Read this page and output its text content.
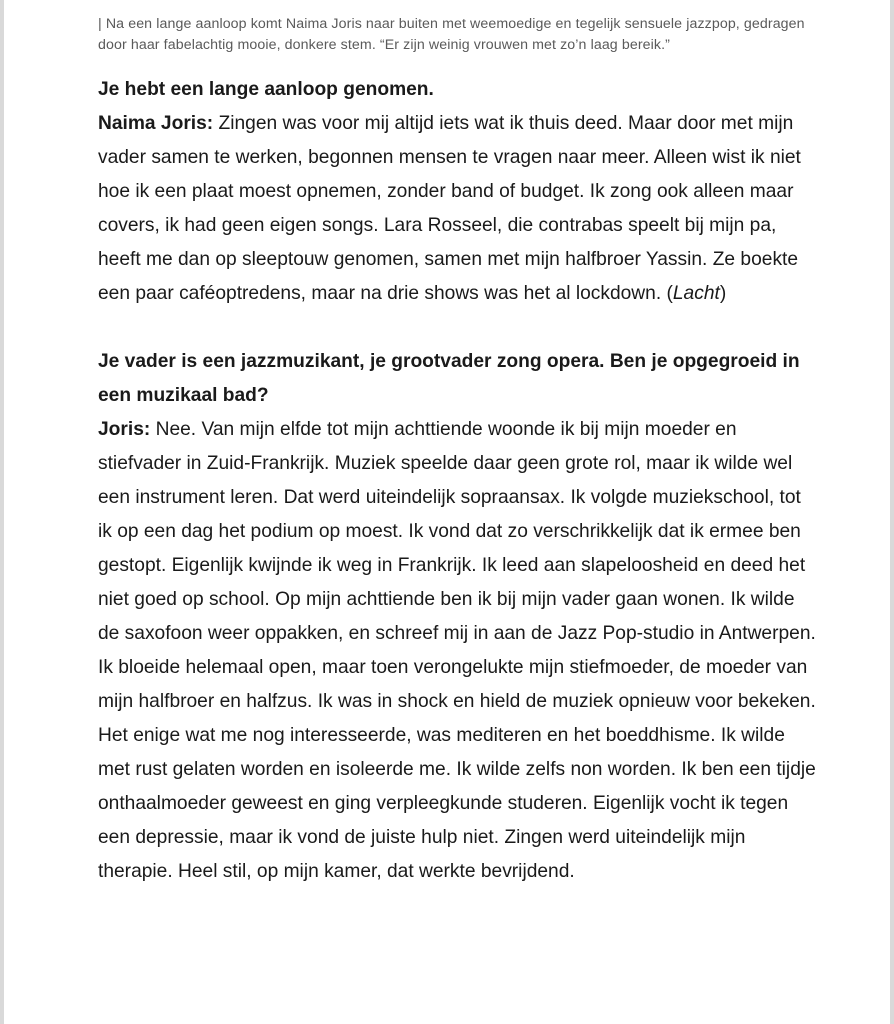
| Na een lange aanloop komt Naima Joris naar buiten met weemoedige en tegelijk sensuele jazzpop, gedragen door haar fabelachtig mooie, donkere stem. “Er zijn weinig vrouwen met zo’n laag bereik.”

Je hebt een lange aanloop genomen.

Naima Joris: Zingen was voor mij altijd iets wat ik thuis deed. Maar door met mijn vader samen te werken, begonnen mensen te vragen naar meer. Alleen wist ik niet hoe ik een plaat moest opnemen, zonder band of budget. Ik zong ook alleen maar covers, ik had geen eigen songs. Lara Rosseel, die contrabas speelt bij mijn pa, heeft me dan op sleeptouw genomen, samen met mijn halfbroer Yassin. Ze boekte een paar caféoptredens, maar na drie shows was het al lockdown. (Lacht)

Je vader is een jazzmuzikant, je grootvader zong opera. Ben je opgegroeid in een muzikaal bad?

Joris: Nee. Van mijn elfde tot mijn achttiende woonde ik bij mijn moeder en stiefvader in Zuid-Frankrijk. Muziek speelde daar geen grote rol, maar ik wilde wel een instrument leren. Dat werd uiteindelijk sopraansax. Ik volgde muziekschool, tot ik op een dag het podium op moest. Ik vond dat zo verschrikkelijk dat ik ermee ben gestopt. Eigenlijk kwijnde ik weg in Frankrijk. Ik leed aan slapeloosheid en deed het niet goed op school. Op mijn achttiende ben ik bij mijn vader gaan wonen. Ik wilde de saxofoon weer oppakken, en schreef mij in aan de Jazz Pop-studio in Antwerpen. Ik bloeide helemaal open, maar toen verongelukte mijn stiefmoeder, de moeder van mijn halfbroer en halfzus. Ik was in shock en hield de muziek opnieuw voor bekeken. Het enige wat me nog interesseerde, was mediteren en het boeddhisme. Ik wilde met rust gelaten worden en isoleerde me. Ik wilde zelfs non worden. Ik ben een tijdje onthaalmoeder geweest en ging verpleegkunde studeren. Eigenlijk vocht ik tegen een depressie, maar ik vond de juiste hulp niet. Zingen werd uiteindelijk mijn therapie. Heel stil, op mijn kamer, dat werkte bevrijdend.
